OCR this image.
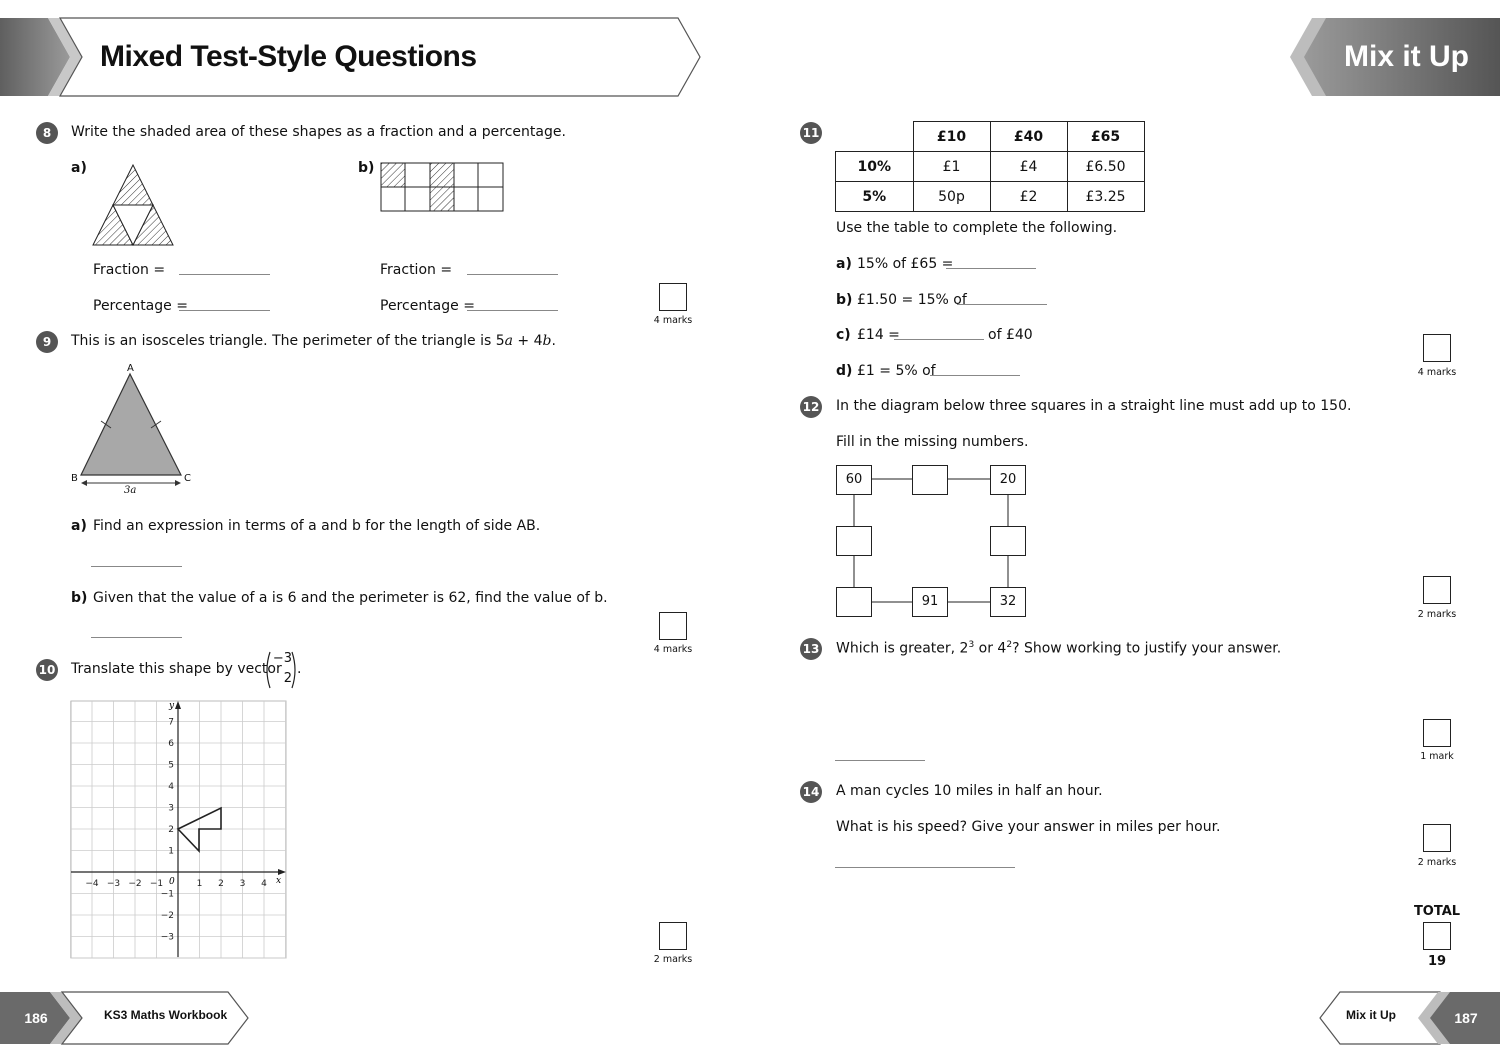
Mixed Test-Style Questions	Mix it Up
8	Write the shaded area of these shapes as a fraction and a percentage.
a)	b)
Fraction =	Fraction =
Percentage =	Percentage =
4 marks
9	This is an isosceles triangle. The perimeter of the triangle is 5a + 4b.
A
B	C
3a
a) Find an expression in terms of a and b for the length of side AB.
b) Given that the value of a is 6 and the perimeter is 62, find the value of b.
4 marks
10 Translate this shape by vector
−3
2
.
−4 −3 −2 −1	1 2 3 4
7
6
5
4
3
2
1
−1
−2
−3
x
y
0
2 marks
11
		£10	£40	£65
10%	£1	£4	£6.50
5%	50p	£2	£3.25
Use the table to complete the following.
a) 15% of £65 =
b) £1.50 = 15% of
c) £14 =	of £40
d) £1 = 5% of	4 marks
12 In the diagram below three squares in a straight line must add up to 150.
Fill in the missing numbers.
60	20
91	32
2 marks
13 Which is greater, $2^3$ or $4^2$? Show working to justify your answer.
1 mark
14 A man cycles 10 miles in half an hour.
What is his speed? Give your answer in miles per hour.
2 marks
TOTAL
19
186	KS3 Maths Workbook	Mix it Up	187
